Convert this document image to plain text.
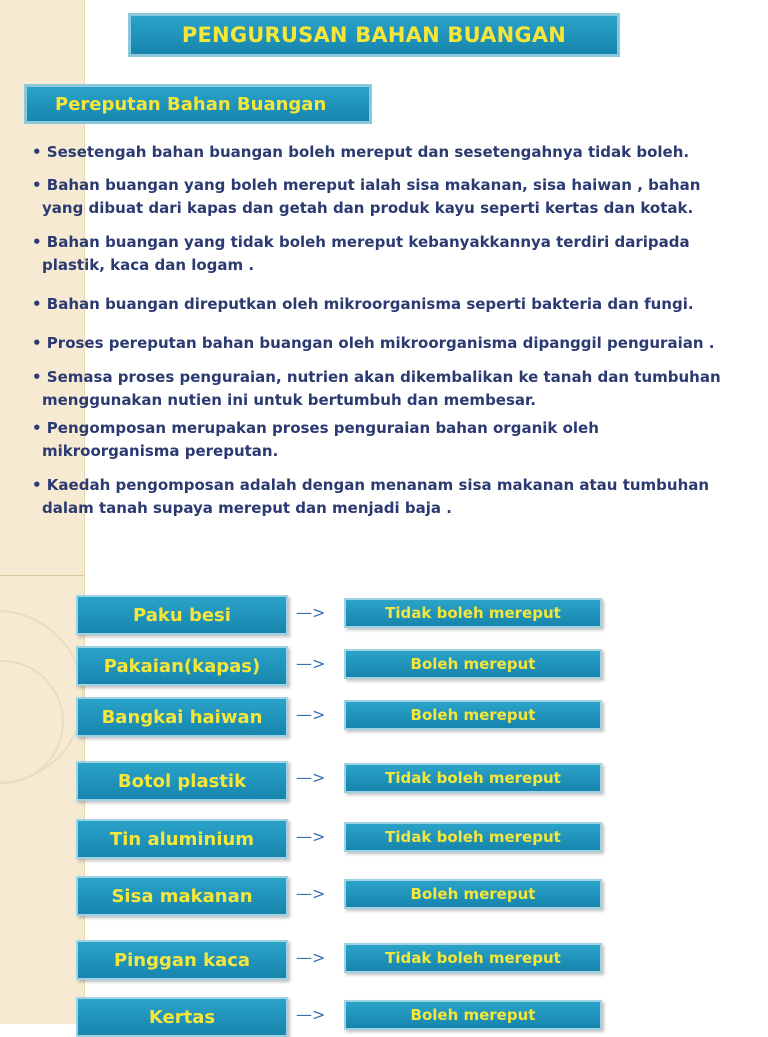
PENGURUSAN BAHAN BUANGAN
Pereputan Bahan Buangan
• Sesetengah bahan buangan boleh mereput dan sesetengahnya tidak boleh.
• Bahan buangan yang boleh mereput ialah sisa makanan, sisa haiwan , bahan
yang dibuat dari kapas dan getah dan produk kayu seperti kertas dan kotak.
• Bahan buangan yang tidak boleh mereput kebanyakkannya terdiri daripada
plastik, kaca dan logam .
• Bahan buangan direputkan oleh mikroorganisma seperti bakteria dan fungi.
• Proses pereputan bahan buangan oleh mikroorganisma dipanggil penguraian .
• Semasa proses penguraian, nutrien akan dikembalikan ke tanah dan tumbuhan
menggunakan nutien ini untuk bertumbuh dan membesar.
• Pengomposan merupakan proses penguraian bahan organik oleh
mikroorganisma pereputan.
• Kaedah pengomposan adalah dengan menanam sisa makanan atau tumbuhan
dalam tanah supaya mereput dan menjadi baja .
Paku besi	—>	Tidak boleh mereput
Pakaian(kapas)	—>	Boleh mereput
Bangkai haiwan	—>	Boleh mereput
Botol plastik	—>	Tidak boleh mereput
Tin aluminium	—>	Tidak boleh mereput
Sisa makanan	—>	Boleh mereput
Pinggan kaca	—>	Tidak boleh mereput
Kertas	—>	Boleh mereput
